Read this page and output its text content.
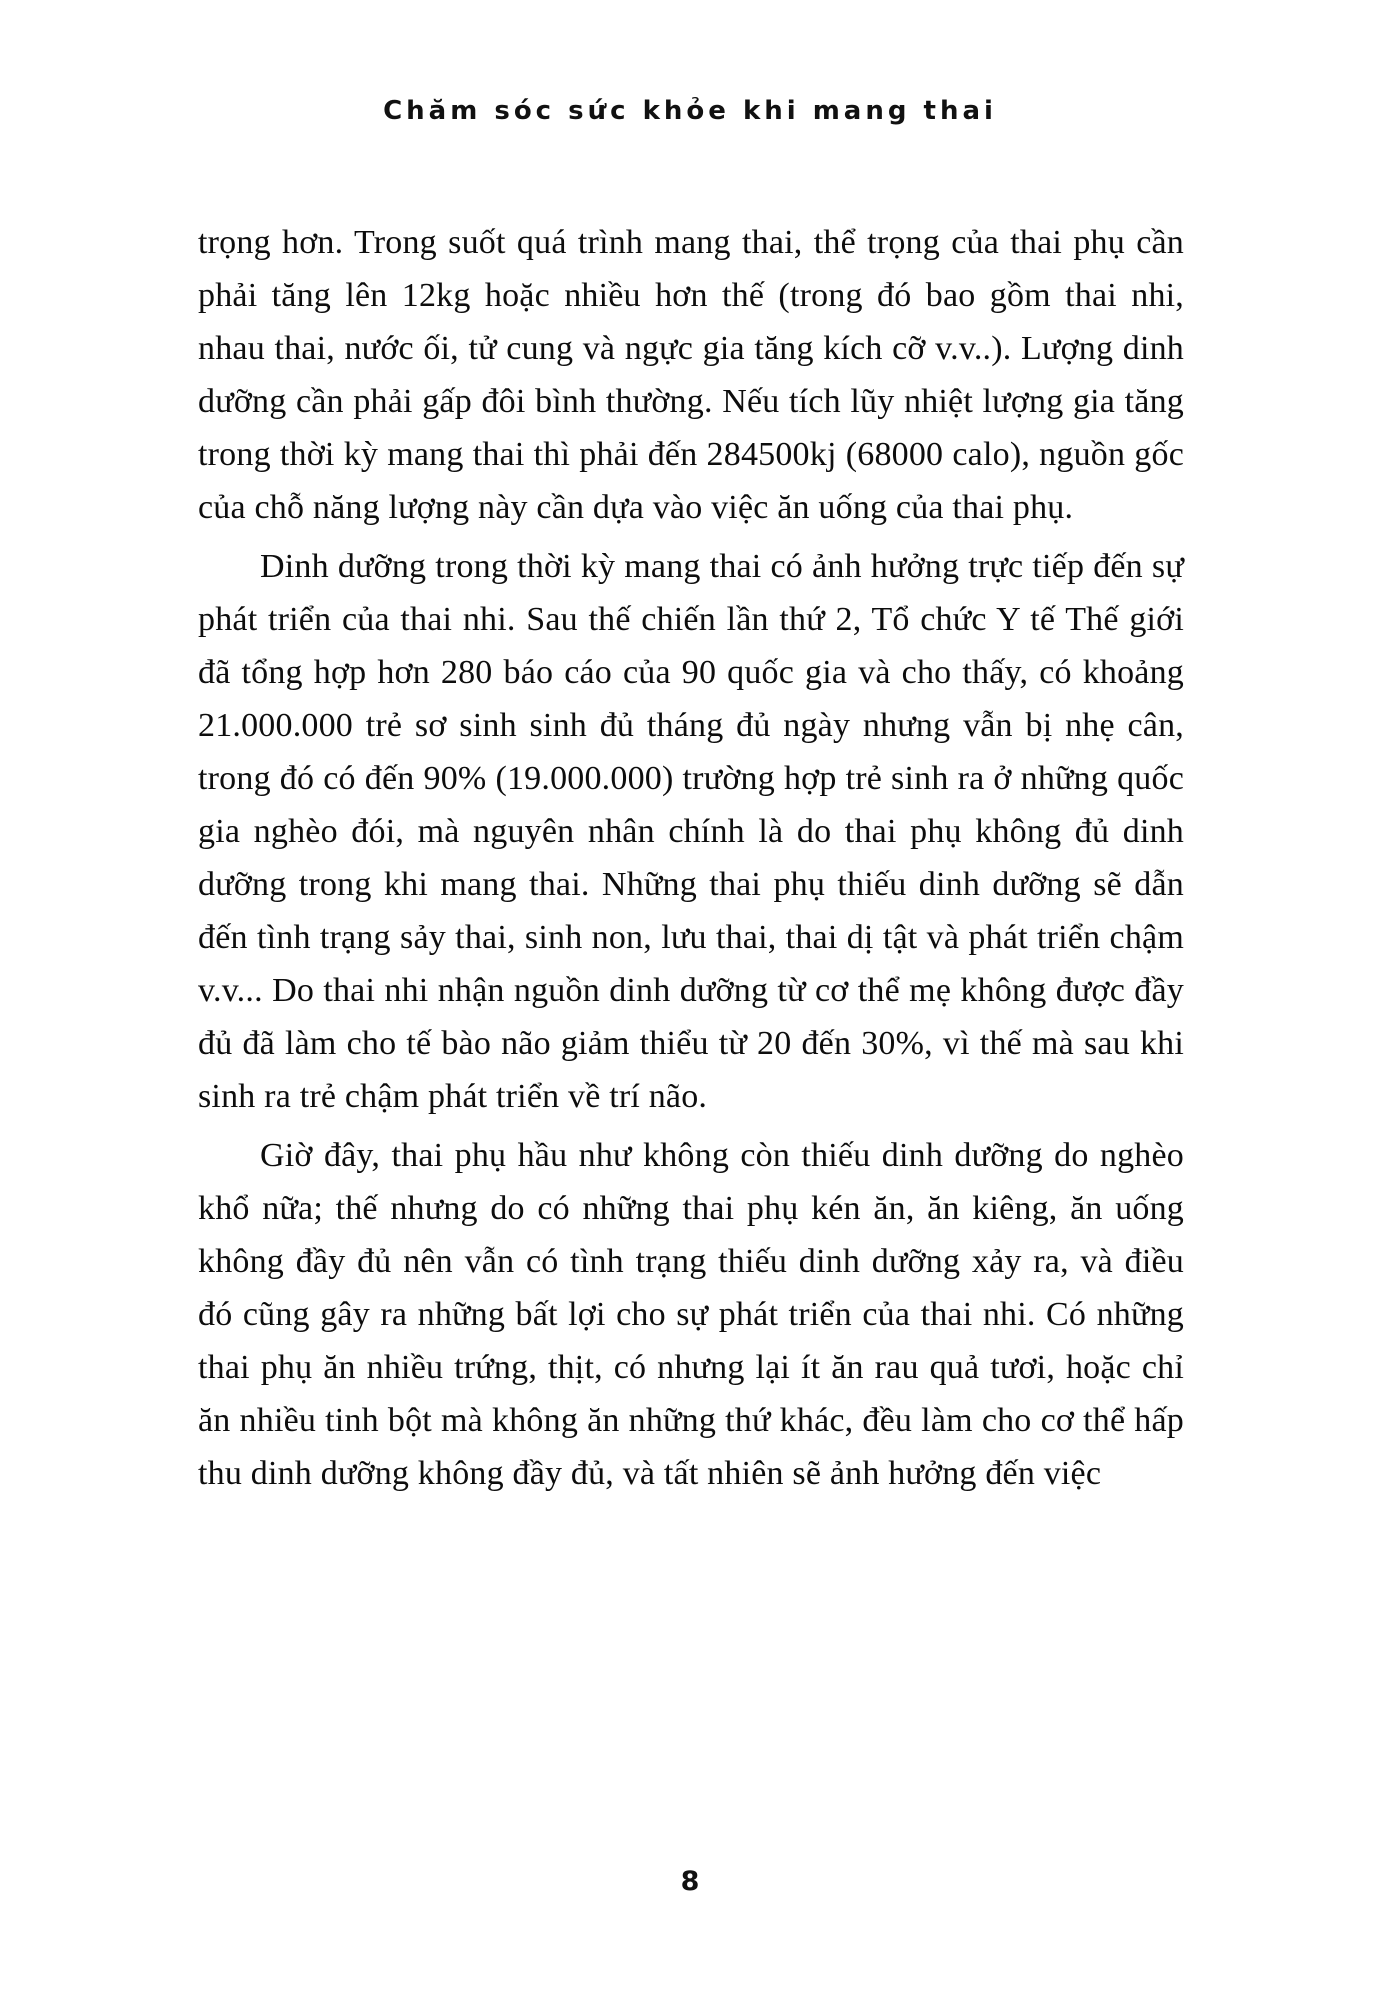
Chăm sóc sức khỏe khi mang thai

trọng hơn. Trong suốt quá trình mang thai, thể trọng của thai phụ cần phải tăng lên 12kg hoặc nhiều hơn thế (trong đó bao gồm thai nhi, nhau thai, nước ối, tử cung và ngực gia tăng kích cỡ v.v..). Lượng dinh dưỡng cần phải gấp đôi bình thường. Nếu tích lũy nhiệt lượng gia tăng trong thời kỳ mang thai thì phải đến 284500kj (68000 calo), nguồn gốc của chỗ năng lượng này cần dựa vào việc ăn uống của thai phụ.

Dinh dưỡng trong thời kỳ mang thai có ảnh hưởng trực tiếp đến sự phát triển của thai nhi. Sau thế chiến lần thứ 2, Tổ chức Y tế Thế giới đã tổng hợp hơn 280 báo cáo của 90 quốc gia và cho thấy, có khoảng 21.000.000 trẻ sơ sinh sinh đủ tháng đủ ngày nhưng vẫn bị nhẹ cân, trong đó có đến 90% (19.000.000) trường hợp trẻ sinh ra ở những quốc gia nghèo đói, mà nguyên nhân chính là do thai phụ không đủ dinh dưỡng trong khi mang thai. Những thai phụ thiếu dinh dưỡng sẽ dẫn đến tình trạng sảy thai, sinh non, lưu thai, thai dị tật và phát triển chậm v.v... Do thai nhi nhận nguồn dinh dưỡng từ cơ thể mẹ không được đầy đủ đã làm cho tế bào não giảm thiểu từ 20 đến 30%, vì thế mà sau khi sinh ra trẻ chậm phát triển về trí não.

Giờ đây, thai phụ hầu như không còn thiếu dinh dưỡng do nghèo khổ nữa; thế nhưng do có những thai phụ kén ăn, ăn kiêng, ăn uống không đầy đủ nên vẫn có tình trạng thiếu dinh dưỡng xảy ra, và điều đó cũng gây ra những bất lợi cho sự phát triển của thai nhi. Có những thai phụ ăn nhiều trứng, thịt, có nhưng lại ít ăn rau quả tươi, hoặc chỉ ăn nhiều tinh bột mà không ăn những thứ khác, đều làm cho cơ thể hấp thu dinh dưỡng không đầy đủ, và tất nhiên sẽ ảnh hưởng đến việc

8
